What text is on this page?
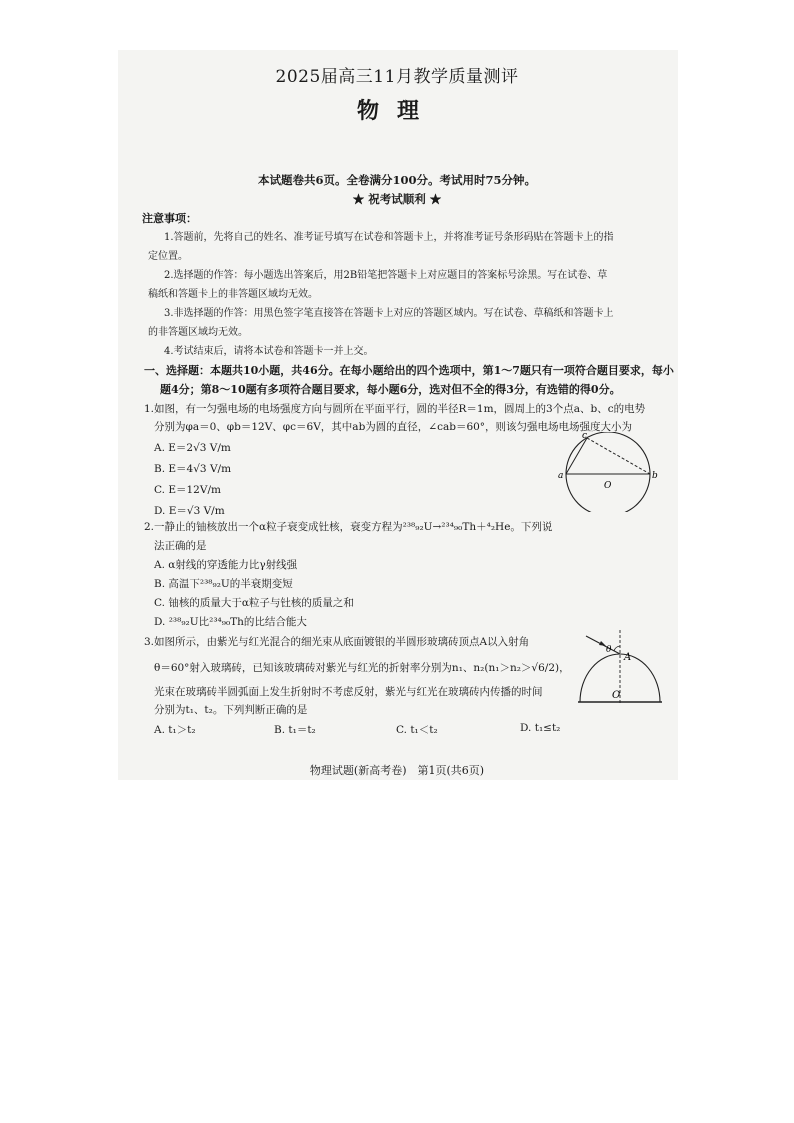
2025届高三11月教学质量测评
物理
本试题卷共6页。全卷满分100分。考试用时75分钟。
★ 祝考试顺利 ★
注意事项：
1.答题前，先将自己的姓名、准考证号填写在试卷和答题卡上，并将准考证号条形码贴在答题卡上的指
定位置。
2.选择题的作答：每小题选出答案后，用2B铅笔把答题卡上对应题目的答案标号涂黑。写在试卷、草
稿纸和答题卡上的非答题区域均无效。
3.非选择题的作答：用黑色签字笔直接答在答题卡上对应的答题区域内。写在试卷、草稿纸和答题卡上
的非答题区域均无效。
4.考试结束后，请将本试卷和答题卡一并上交。
一、选择题：本题共10小题，共46分。在每小题给出的四个选项中，第1～7题只有一项符合题目要求，每小
题4分；第8～10题有多项符合题目要求，每小题6分，选对但不全的得3分，有选错的得0分。
1.如图，有一匀强电场的电场强度方向与圆所在平面平行，圆的半径R＝1m，圆周上的3个点a、b、c的电势
分别为φa＝0、φb＝12V、φc＝6V，其中ab为圆的直径，∠cab＝60°，则该匀强电场电场强度大小为
A. E＝2√3 V/m
B. E＝4√3 V/m
C. E＝12V/m
D. E＝√3 V/m
a	b
c
O
2.一静止的铀核放出一个α粒子衰变成钍核，衰变方程为²³⁸₉₂U→²³⁴₉₀Th＋⁴₂He。下列说
法正确的是
A. α射线的穿透能力比γ射线强
B. 高温下²³⁸₉₂U的半衰期变短
C. 铀核的质量大于α粒子与钍核的质量之和
D. ²³⁸₉₂U比²³⁴₉₀Th的比结合能大
3.如图所示，由紫光与红光混合的细光束从底面镀银的半圆形玻璃砖顶点A以入射角
θ＝60°射入玻璃砖，已知该玻璃砖对紫光与红光的折射率分别为n₁、n₂(n₁＞n₂＞√6/2)，
光束在玻璃砖半圆弧面上发生折射时不考虑反射，紫光与红光在玻璃砖内传播的时间
分别为t₁、t₂。下列判断正确的是
A. t₁＞t₂	B. t₁＝t₂	C. t₁＜t₂	D. t₁≤t₂
θ
A
O
物理试题(新高考卷)　第1页(共6页)
